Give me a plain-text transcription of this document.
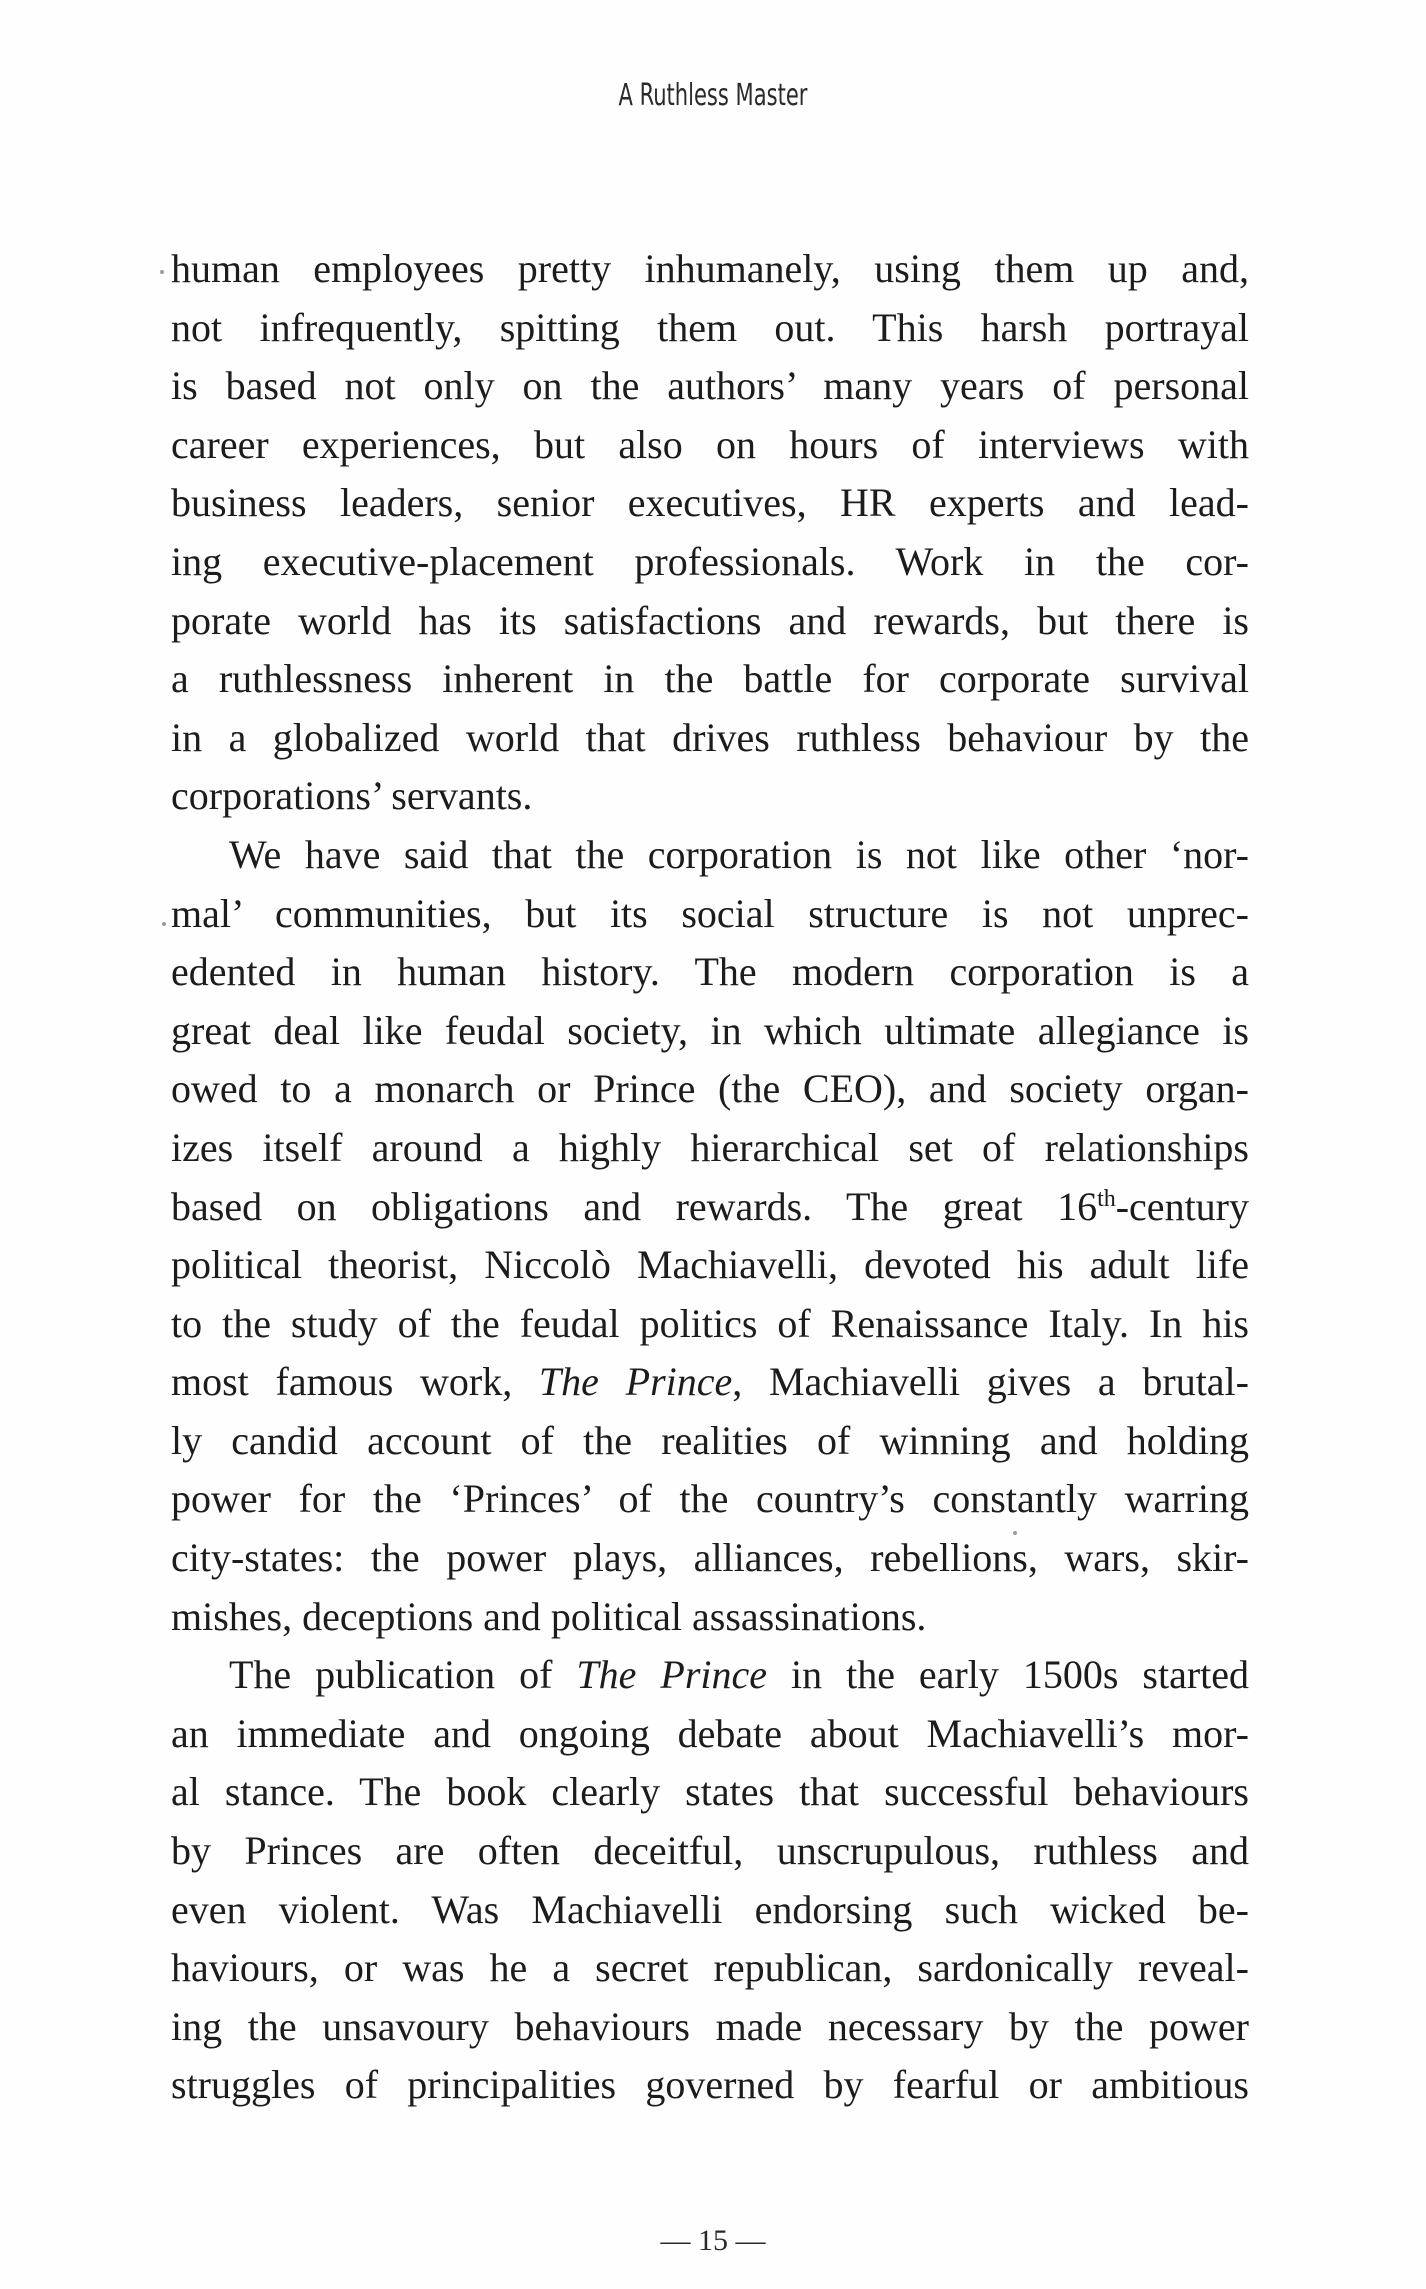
A Ruthless Master
human employees pretty inhumanely, using them up and,
not infrequently, spitting them out. This harsh portrayal
is based not only on the authors’ many years of personal
career experiences, but also on hours of interviews with
business leaders, senior executives, HR experts and lead-
ing executive-placement professionals. Work in the cor-
porate world has its satisfactions and rewards, but there is
a ruthlessness inherent in the battle for corporate survival
in a globalized world that drives ruthless behaviour by the
corporations’ servants.
We have said that the corporation is not like other ‘nor-
mal’ communities, but its social structure is not unprec-
edented in human history. The modern corporation is a
great deal like feudal society, in which ultimate allegiance is
owed to a monarch or Prince (the CEO), and society organ-
izes itself around a highly hierarchical set of relationships
based on obligations and rewards. The great 16th-century
political theorist, Niccolò Machiavelli, devoted his adult life
to the study of the feudal politics of Renaissance Italy. In his
most famous work, The Prince, Machiavelli gives a brutal-
ly candid account of the realities of winning and holding
power for the ‘Princes’ of the country’s constantly warring
city-states: the power plays, alliances, rebellions, wars, skir-
mishes, deceptions and political assassinations.
The publication of The Prince in the early 1500s started
an immediate and ongoing debate about Machiavelli’s mor-
al stance. The book clearly states that successful behaviours
by Princes are often deceitful, unscrupulous, ruthless and
even violent. Was Machiavelli endorsing such wicked be-
haviours, or was he a secret republican, sardonically reveal-
ing the unsavoury behaviours made necessary by the power
struggles of principalities governed by fearful or ambitious
— 15 —
